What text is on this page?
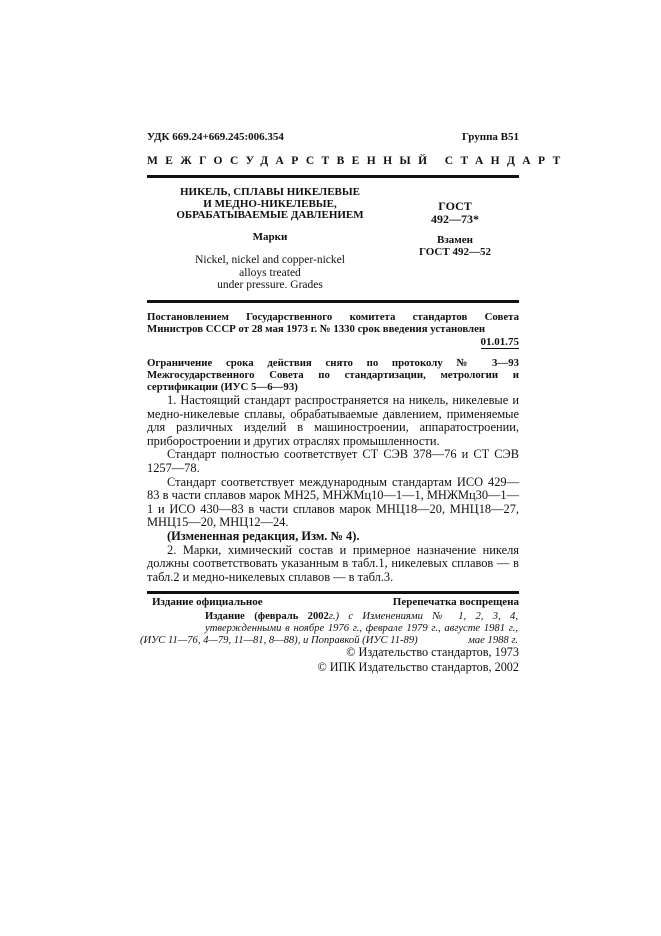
УДК 669.24+669.245:006.354	Группа В51
МЕЖГОСУДАРСТВЕННЫЙ СТАНДАРТ
НИКЕЛЬ, СПЛАВЫ НИКЕЛЕВЫЕ
И МЕДНО-НИКЕЛЕВЫЕ,
ОБРАБАТЫВАЕМЫЕ ДАВЛЕНИЕМ
Марки
Nickel, nickel and copper-nickel
alloys treated
under pressure. Grades
ГОСТ
492—73*
Взамен
ГОСТ 492—52
Постановлением Государственного комитета стандартов Совета Министров СССР от 28 мая 1973 г. № 1330 срок введения установлен
01.01.75
Ограничение срока действия снято по протоколу № 3—93 Межгосударственного Совета по стандартизации, метрологии и сертификации (ИУС 5—6—93)

1. Настоящий стандарт распространяется на никель, никелевые и медно-никелевые сплавы, обрабатываемые давлением, применяемые для различных изделий в машиностроении, аппаратостроении, приборостроении и других отраслях промышленности.

Стандарт полностью соответствует СТ СЭВ 378—76 и СТ СЭВ 1257—78.

Стандарт соответствует международным стандартам ИСО 429—83 в части сплавов марок МН25, МНЖМц10—1—1, МНЖМц30—1—1 и ИСО 430—83 в части сплавов марок МНЦ18—20, МНЦ18—27, МНЦ15—20, МНЦ12—24.

(Измененная редакция, Изм. № 4).

2. Марки, химический состав и примерное назначение никеля должны соответствовать указанным в табл.1, никелевых сплавов — в табл.2 и медно-никелевых сплавов — в табл.3.

Издание официальное	Перепечатка воспрещена
Издание (февраль 2002г.) с Изменениями № 1, 2, 3, 4, утвержденными в ноябре 1976 г., феврале 1979 г., августе 1981 г., мае 1988 г.
(ИУС 11—76, 4—79, 11—81, 8—88), и Поправкой (ИУС 11-89)
© Издательство стандартов, 1973
© ИПК Издательство стандартов, 2002
